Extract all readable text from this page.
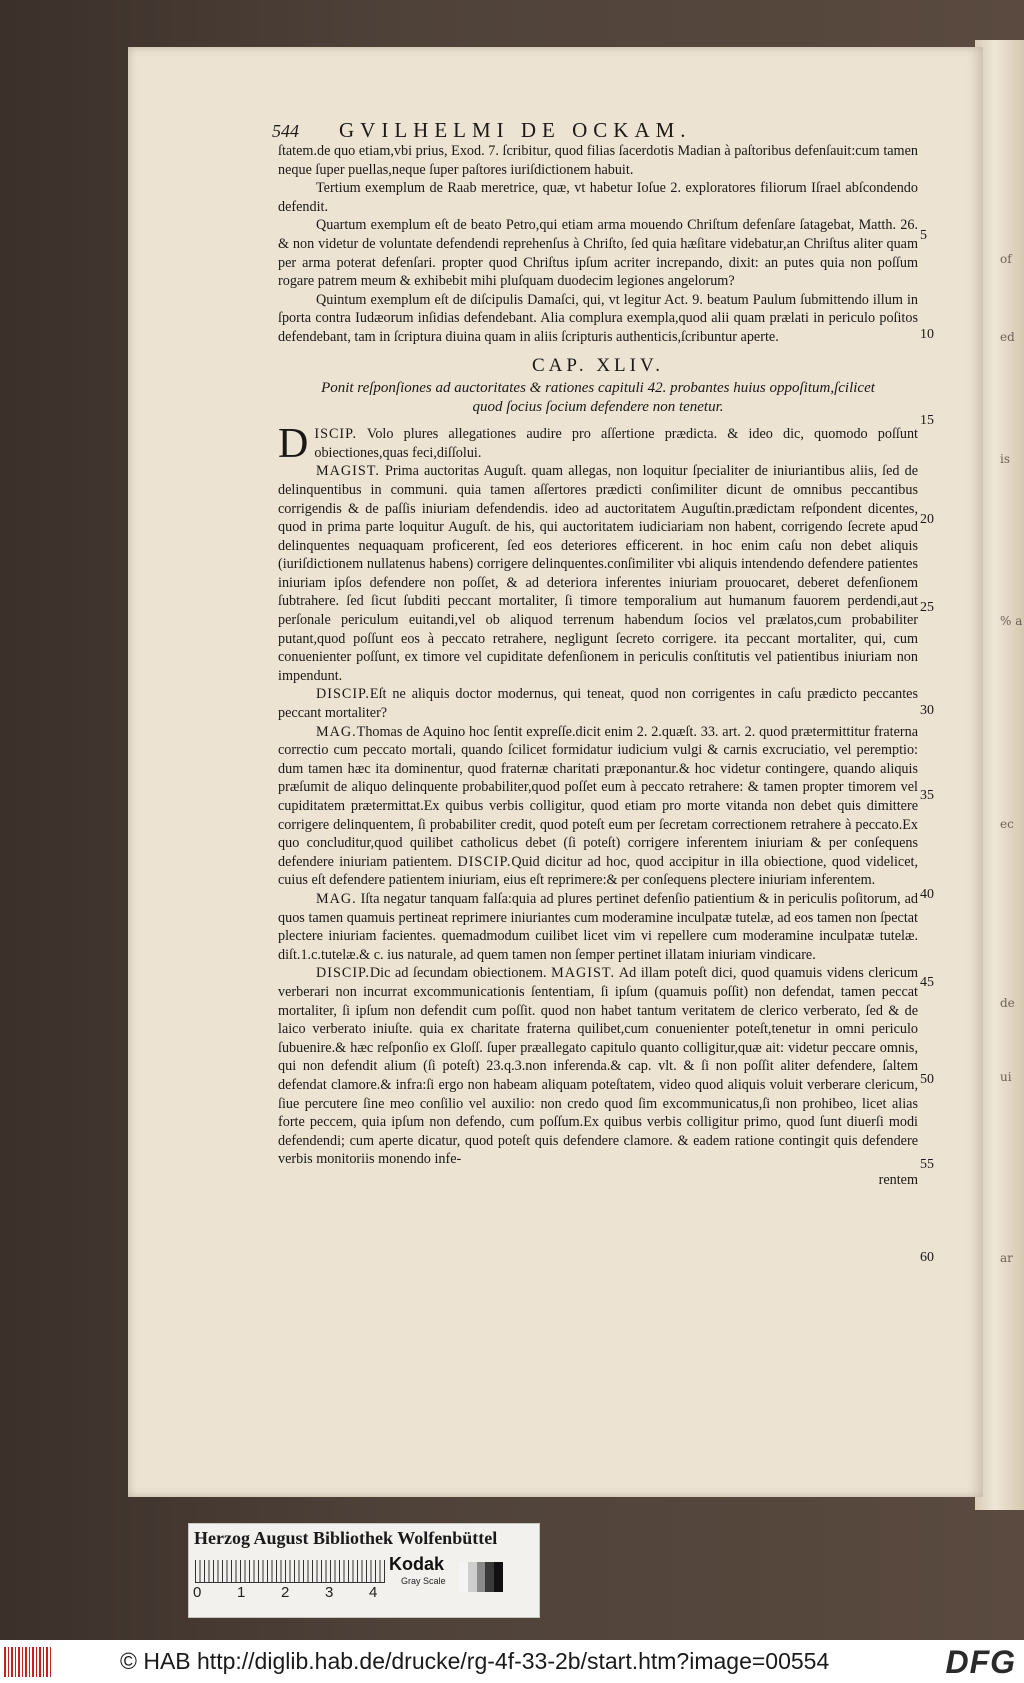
of
ed
is
% a
ec
de
ui
ar
544 GVILHELMI DE OCKAM.

ſtatem.de quo etiam,vbi prius, Exod. 7. ſcribitur, quod filias ſacerdotis Madian à paſtoribus defenſauit:cum tamen neque ſuper puellas,neque ſuper paſtores iuriſdictionem habuit.

Tertium exemplum de Raab meretrice, quæ, vt habetur Ioſue 2. exploratores filiorum Iſrael abſcondendo defendit.

Quartum exemplum eſt de beato Petro,qui etiam arma mouendo Chriſtum defenſare ſatagebat, Matth. 26. & non videtur de voluntate defendendi reprehenſus à Chriſto, ſed quia hæſitare videbatur,an Chriſtus aliter quam per arma poterat defenſari. propter quod Chriſtus ipſum acriter increpando, dixit: an putes quia non poſſum rogare patrem meum & exhibebit mihi pluſquam duodecim legiones angelorum?

Quintum exemplum eſt de diſcipulis Damaſci, qui, vt legitur Act. 9. beatum Paulum ſubmittendo illum in ſporta contra Iudæorum inſidias defendebant. Alia complura exempla,quod alii quam prælati in periculo poſitos defendebant, tam in ſcriptura diuina quam in aliis ſcripturis authenticis,ſcribuntur aperte.

CAP. XLIV.
Ponit reſponſiones ad auctoritates & rationes capituli 42. probantes huius oppoſitum,ſcilicet quod ſocius ſocium defendere non tenetur.

DISCIP. Volo plures allegationes audire pro aſſertione prædicta. & ideo dic, quomodo poſſunt obiectiones,quas feci,diſſolui.

MAGIST. Prima auctoritas Auguſt. quam allegas, non loquitur ſpecialiter de iniuriantibus aliis, ſed de delinquentibus in communi. quia tamen aſſertores prædicti conſimiliter dicunt de omnibus peccantibus corrigendis & de paſſis iniuriam defendendis. ideo ad auctoritatem Auguſtin.prædictam reſpondent dicentes, quod in prima parte loquitur Auguſt. de his, qui auctoritatem iudiciariam non habent, corrigendo ſecrete apud delinquentes nequaquam proficerent, ſed eos deteriores efficerent. in hoc enim caſu non debet aliquis (iuriſdictionem nullatenus habens) corrigere delinquentes.conſimiliter vbi aliquis intendendo defendere patientes iniuriam ipſos defendere non poſſet, & ad deteriora inferentes iniuriam prouocaret, deberet defenſionem ſubtrahere. ſed ſicut ſubditi peccant mortaliter, ſi timore temporalium aut humanum fauorem perdendi,aut perſonale periculum euitandi,vel ob aliquod terrenum habendum ſocios vel prælatos,cum probabiliter putant,quod poſſunt eos à peccato retrahere, negligunt ſecreto corrigere. ita peccant mortaliter, qui, cum conuenienter poſſunt, ex timore vel cupiditate defenſionem in periculis conſtitutis vel patientibus iniuriam non impendunt.

DISCIP.Eſt ne aliquis doctor modernus, qui teneat, quod non corrigentes in caſu prædicto peccantes peccant mortaliter?

MAG.Thomas de Aquino hoc ſentit expreſſe.dicit enim 2. 2.quæſt. 33. art. 2. quod prætermittitur fraterna correctio cum peccato mortali, quando ſcilicet formidatur iudicium vulgi & carnis excruciatio, vel peremptio: dum tamen hæc ita dominentur, quod fraternæ charitati præponantur.& hoc videtur contingere, quando aliquis præſumit de aliquo delinquente probabiliter,quod poſſet eum à peccato retrahere: & tamen propter timorem vel cupiditatem prætermittat.Ex quibus verbis colligitur, quod etiam pro morte vitanda non debet quis dimittere corrigere delinquentem, ſi probabiliter credit, quod poteſt eum per ſecretam correctionem retrahere à peccato.Ex quo concluditur,quod quilibet catholicus debet (ſi poteſt) corrigere inferentem iniuriam & per conſequens defendere iniuriam patientem. DISCIP.Quid dicitur ad hoc, quod accipitur in illa obiectione, quod videlicet, cuius eſt defendere patientem iniuriam, eius eſt reprimere:& per conſequens plectere iniuriam inferentem.

MAG. Iſta negatur tanquam falſa:quia ad plures pertinet defenſio patientium & in periculis poſitorum, ad quos tamen quamuis pertineat reprimere iniuriantes cum moderamine inculpatæ tutelæ, ad eos tamen non ſpectat plectere iniuriam facientes. quemadmodum cuilibet licet vim vi repellere cum moderamine inculpatæ tutelæ. diſt.1.c.tutelæ.& c. ius naturale, ad quem tamen non ſemper pertinet illatam iniuriam vindicare.

DISCIP.Dic ad ſecundam obiectionem. MAGIST. Ad illam poteſt dici, quod quamuis videns clericum verberari non incurrat excommunicationis ſententiam, ſi ipſum (quamuis poſſit) non defendat, tamen peccat mortaliter, ſi ipſum non defendit cum poſſit. quod non habet tantum veritatem de clerico verberato, ſed & de laico verberato iniuſte. quia ex charitate fraterna quilibet,cum conuenienter poteſt,tenetur in omni periculo ſubuenire.& hæc reſponſio ex Gloſſ. ſuper præallegato capitulo quanto colligitur,quæ ait: videtur peccare omnis, qui non defendit alium (ſi poteſt) 23.q.3.non inferenda.& cap. vlt. & ſi non poſſit aliter defendere, ſaltem defendat clamore.& infra:ſi ergo non habeam aliquam poteſtatem, video quod aliquis voluit verberare clericum, ſiue percutere ſine meo conſilio vel auxilio: non credo quod ſim excommunicatus,ſi non prohibeo, licet alias forte peccem, quia ipſum non defendo, cum poſſum.Ex quibus verbis colligitur primo, quod ſunt diuerſi modi defendendi; cum aperte dicatur, quod poteſt quis defendere clamore. & eadem ratione contingit quis defendere verbis monitoriis monendo infe-

rentem
5
10
15
20
25
30
35
40
45
50
55
60
Herzog August Bibliothek Wolfenbüttel
0 1 2 3 4
Kodak
Gray Scale
© HAB http://diglib.hab.de/drucke/rg-4f-33-2b/start.htm?image=00554	DFG
